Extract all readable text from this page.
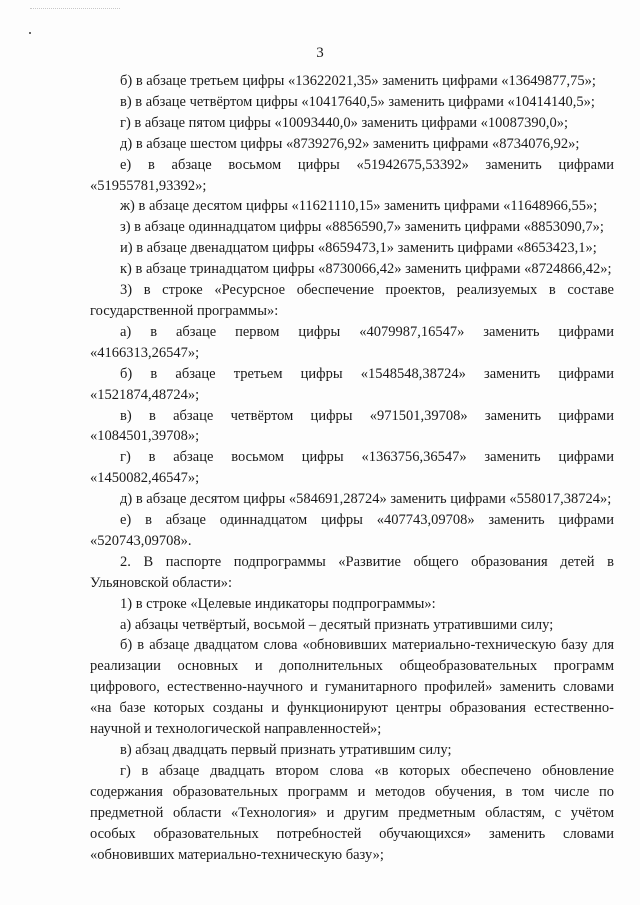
3

б) в абзаце третьем цифры «13622021,35» заменить цифрами «13649877,75»;

в) в абзаце четвёртом цифры «10417640,5» заменить цифрами «10414140,5»;

г) в абзаце пятом цифры «10093440,0» заменить цифрами «10087390,0»;

д) в абзаце шестом цифры «8739276,92» заменить цифрами «8734076,92»;

е) в абзаце восьмом цифры «51942675,53392» заменить цифрами «51955781,93392»;

ж) в абзаце десятом цифры «11621110,15» заменить цифрами «11648966,55»;

з) в абзаце одиннадцатом цифры «8856590,7» заменить цифрами «8853090,7»;

и) в абзаце двенадцатом цифры «8659473,1» заменить цифрами «8653423,1»;

к) в абзаце тринадцатом цифры «8730066,42» заменить цифрами «8724866,42»;

3) в строке «Ресурсное обеспечение проектов, реализуемых в составе государственной программы»:

а) в абзаце первом цифры «4079987,16547» заменить цифрами «4166313,26547»;

б) в абзаце третьем цифры «1548548,38724» заменить цифрами «1521874,48724»;

в) в абзаце четвёртом цифры «971501,39708» заменить цифрами «1084501,39708»;

г) в абзаце восьмом цифры «1363756,36547» заменить цифрами «1450082,46547»;

д) в абзаце десятом цифры «584691,28724» заменить цифрами «558017,38724»;

е) в абзаце одиннадцатом цифры «407743,09708» заменить цифрами «520743,09708».

2. В паспорте подпрограммы «Развитие общего образования детей в Ульяновской области»:

1) в строке «Целевые индикаторы подпрограммы»:

а) абзацы четвёртый, восьмой – десятый признать утратившими силу;

б) в абзаце двадцатом слова «обновивших материально-техническую базу для реализации основных и дополнительных общеобразовательных программ цифрового, естественно-научного и гуманитарного профилей» заменить словами «на базе которых созданы и функционируют центры образования естественно-научной и технологической направленностей»;

в) абзац двадцать первый признать утратившим силу;

г) в абзаце двадцать втором слова «в которых обеспечено обновление содержания образовательных программ и методов обучения, в том числе по предметной области «Технология» и другим предметным областям, с учётом особых образовательных потребностей обучающихся» заменить словами «обновивших материально-техническую базу»;
